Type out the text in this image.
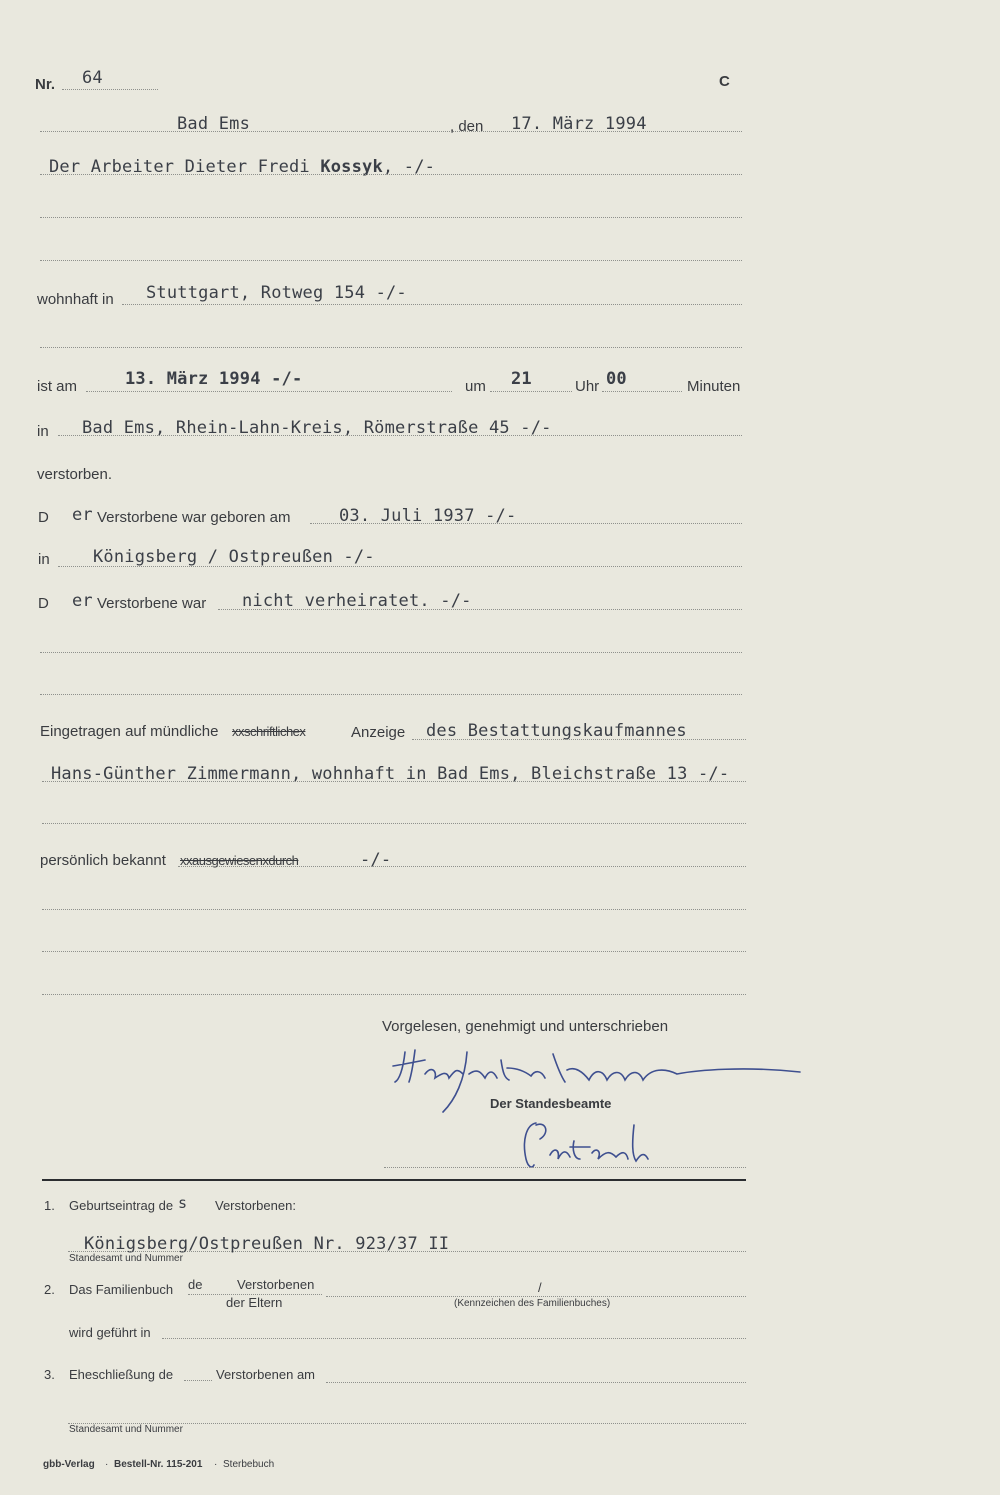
Nr. 64	C
Bad Ems	, den 17. März 1994
Der Arbeiter Dieter Fredi Kossyk, -/-
wohnhaft in Stuttgart, Rotweg 154 -/-
ist am	13. März 1994 -/-	um 21	Uhr 00	Minuten
in Bad Ems, Rhein-Lahn-Kreis, Römerstraße 45 -/-
verstorben.
D er Verstorbene war geboren am	03. Juli 1937 -/-
in	Königsberg / Ostpreußen -/-
D er Verstorbene war nicht verheiratet. -/-
Eingetragen auf mündliche xxschriftlichex	Anzeige des Bestattungskaufmannes
Hans-Günther Zimmermann, wohnhaft in Bad Ems, Bleichstraße 13 -/-
persönlich bekannt xxausgewiesenxdurch	-/-
Vorgelesen, genehmigt und unterschrieben
Der Standesbeamte
1. Geburtseintrag de s Verstorbenen:
Königsberg/Ostpreußen Nr. 923/37 II
Standesamt und Nummer
2. Das Familienbuch de	Verstorbenen
der Eltern
/
(Kennzeichen des Familienbuches)
wird geführt in
3. Eheschließung de	Verstorbenen am
Standesamt und Nummer
gbb-Verlag · Bestell-Nr. 115-201 · Sterbebuch
